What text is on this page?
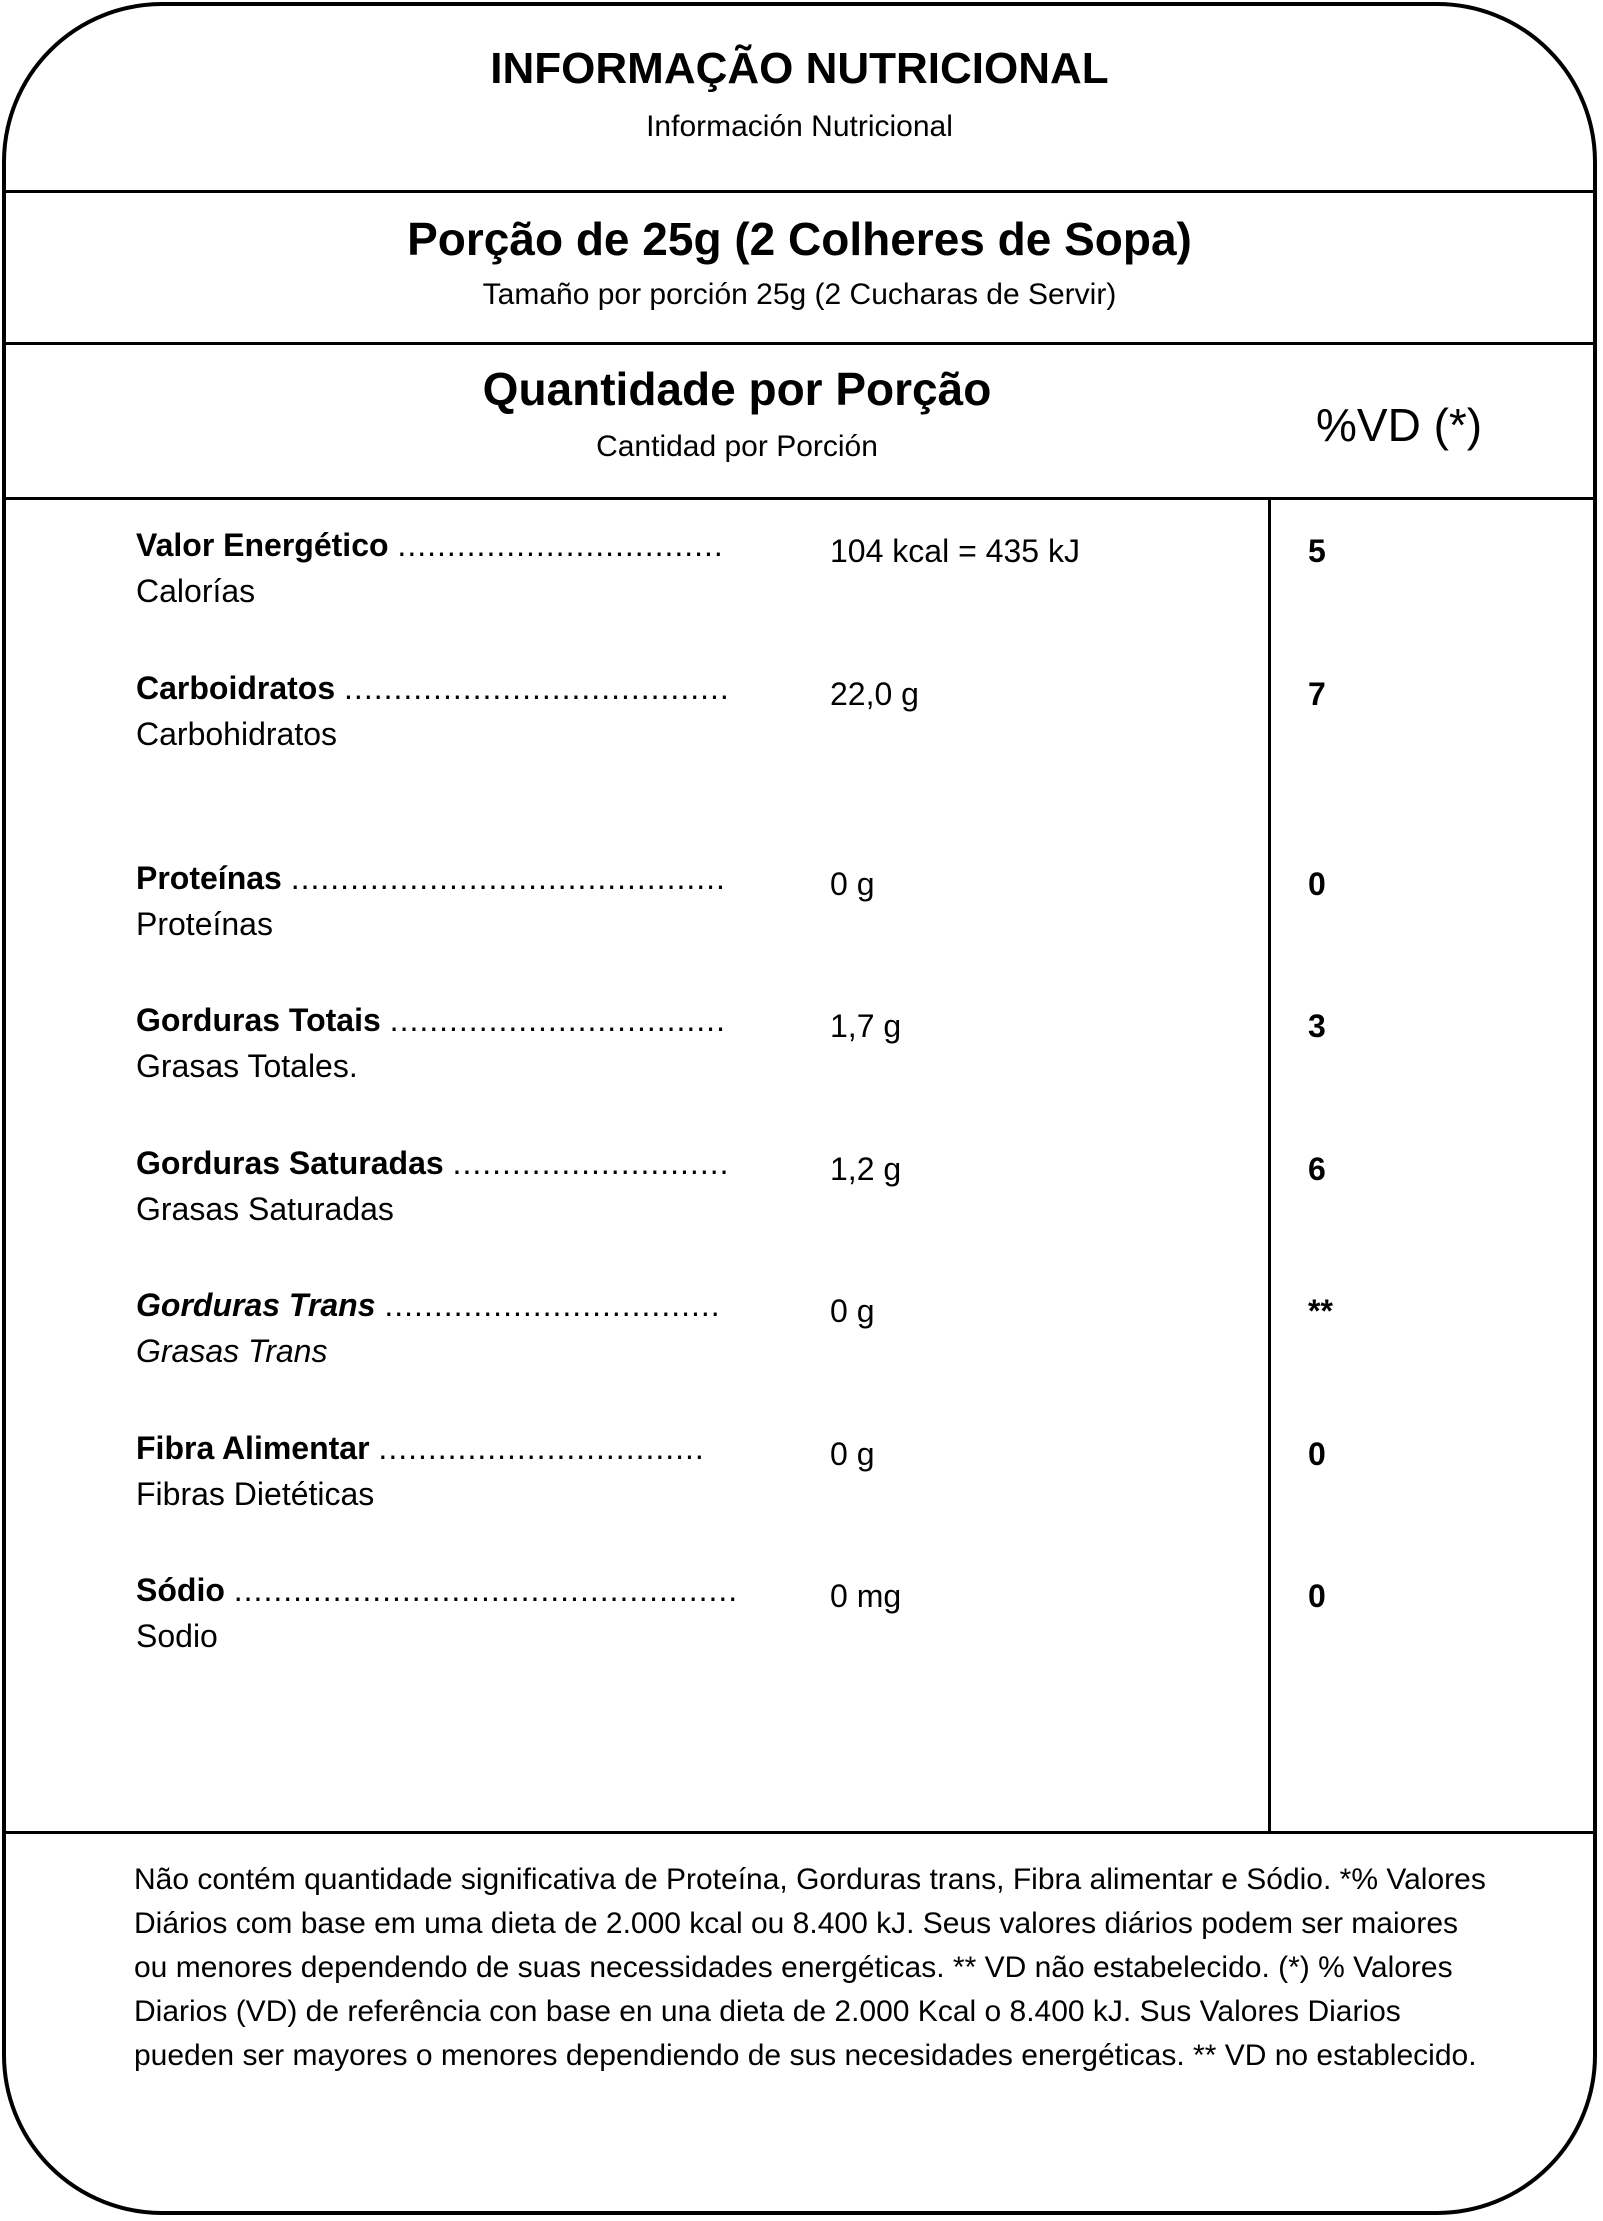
INFORMAÇÃO NUTRICIONAL
Información Nutricional
Porção de 25g (2 Colheres de Sopa)
Tamaño por porción 25g (2 Cucharas de Servir)
Quantidade por Porção
Cantidad por Porción	%VD (*)
Valor Energético .................................
Calorías
104 kcal = 435 kJ	5
Carboidratos .......................................
Carbohidratos
22,0 g	7
Proteínas ............................................
Proteínas
0 g	0
Gorduras Totais ..................................
Grasas Totales.
1,7 g	3
Gorduras Saturadas ............................
Grasas Saturadas
1,2 g	6
Gorduras Trans ..................................
Grasas Trans
0 g	**
Fibra Alimentar .................................
Fibras Dietéticas
0 g	0
Sódio ...................................................
Sodio
0 mg	0
Não contém quantidade significativa de Proteína, Gorduras trans, Fibra alimentar e Sódio. *% Valores Diários com base em uma dieta de 2.000 kcal ou 8.400 kJ. Seus valores diários podem ser maiores ou menores dependendo de suas necessidades energéticas. ** VD não estabelecido. (*) % Valores Diarios (VD) de referência con base en una dieta de 2.000 Kcal o 8.400 kJ. Sus Valores Diarios pueden ser mayores o menores dependiendo de sus necesidades energéticas. ** VD no establecido.
